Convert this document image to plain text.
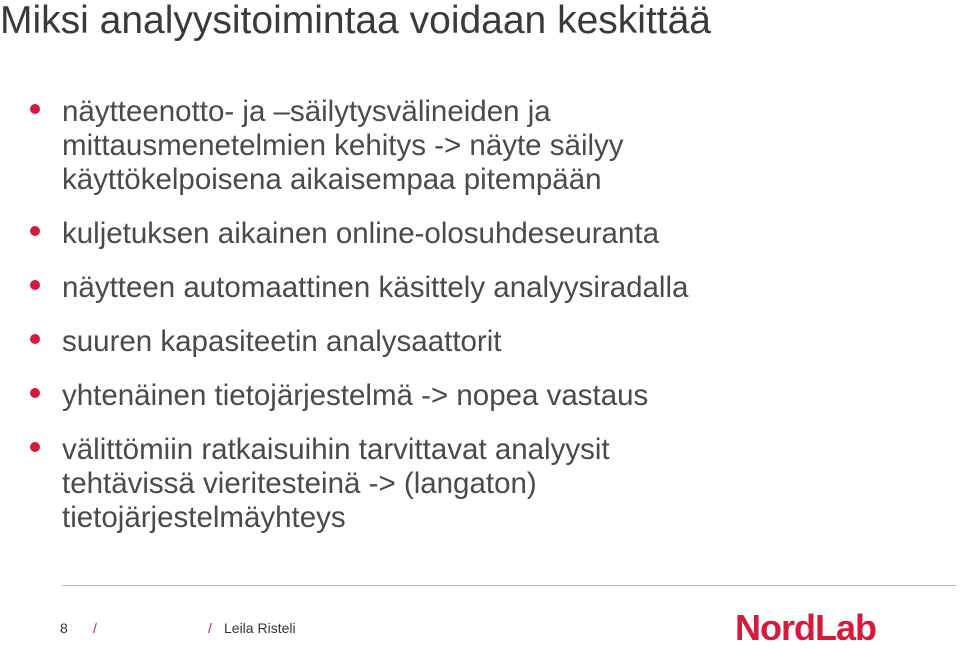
Miksi analyysitoimintaa voidaan keskittää
näytteenotto- ja –säilytysvälineiden ja
mittausmenetelmien kehitys -> näyte säilyy
käyttökelpoisena aikaisempaa pitempään
kuljetuksen aikainen online-olosuhdeseuranta
näytteen automaattinen käsittely analyysiradalla
suuren kapasiteetin analysaattorit
yhtenäinen tietojärjestelmä -> nopea vastaus
välittömiin ratkaisuihin tarvittavat analyysit
tehtävissä vieritesteinä -> (langaton)
tietojärjestelmäyhteys
8 /	/ Leila Risteli	NordLab
